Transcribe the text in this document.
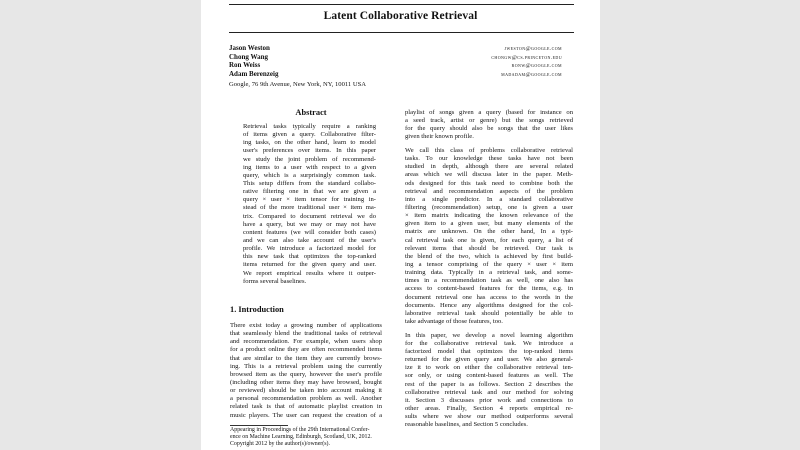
Latent Collaborative Retrieval
Jason Weston
Chong Wang
Ron Weiss
Adam Berenzeig
jweston@google.com
chongw@cs.princeton.edu
ronw@google.com
madadam@google.com
Google, 76 9th Avenue, New York, NY, 10011 USA
Abstract
Retrieval tasks typically require a ranking
of items given a query. Collaborative filter-
ing tasks, on the other hand, learn to model
user's preferences over items. In this paper
we study the joint problem of recommend-
ing items to a user with respect to a given
query, which is a surprisingly common task.
This setup differs from the standard collabo-
rative filtering one in that we are given a
query × user × item tensor for training in-
stead of the more traditional user × item ma-
trix. Compared to document retrieval we do
have a query, but we may or may not have
content features (we will consider both cases)
and we can also take account of the user's
profile. We introduce a factorized model for
this new task that optimizes the top-ranked
items returned for the given query and user.
We report empirical results where it outper-
forms several baselines.
1. Introduction
There exist today a growing number of applications
that seamlessly blend the traditional tasks of retrieval
and recommendation. For example, when users shop
for a product online they are often recommended items
that are similar to the item they are currently brows-
ing. This is a retrieval problem using the currently
browsed item as the query, however the user's profile
(including other items they may have browsed, bought
or reviewed) should be taken into account making it
a personal recommendation problem as well. Another
related task is that of automatic playlist creation in
music players. The user can request the creation of a
playlist of songs given a query (based for instance on
a seed track, artist or genre) but the songs retrieved
for the query should also be songs that the user likes
given their known profile.
We call this class of problems collaborative retrieval
tasks. To our knowledge these tasks have not been
studied in depth, although there are several related
areas which we will discuss later in the paper. Meth-
ods designed for this task need to combine both the
retrieval and recommendation aspects of the problem
into a single predictor. In a standard collaborative
filtering (recommendation) setup, one is given a user
× item matrix indicating the known relevance of the
given item to a given user, but many elements of the
matrix are unknown. On the other hand, In a typi-
cal retrieval task one is given, for each query, a list of
relevant items that should be retrieved. Our task is
the blend of the two, which is achieved by first build-
ing a tensor comprising of the query × user × item
training data. Typically in a retrieval task, and some-
times in a recommendation task as well, one also has
access to content-based features for the items, e.g. in
document retrieval one has access to the words in the
documents. Hence any algorithms designed for the col-
laborative retrieval task should potentially be able to
take advantage of those features, too.
In this paper, we develop a novel learning algorithm
for the collaborative retrieval task. We introduce a
factorized model that optimizes the top-ranked items
returned for the given query and user. We also general-
ize it to work on either the collaborative retrieval ten-
sor only, or using content-based features as well. The
rest of the paper is as follows. Section 2 describes the
collaborative retrieval task and our method for solving
it. Section 3 discusses prior work and connections to
other areas. Finally, Section 4 reports empirical re-
sults where we show our method outperforms several
reasonable baselines, and Section 5 concludes.
Appearing in Proceedings of the 29th International Confer-
ence on Machine Learning, Edinburgh, Scotland, UK, 2012.
Copyright 2012 by the author(s)/owner(s).
